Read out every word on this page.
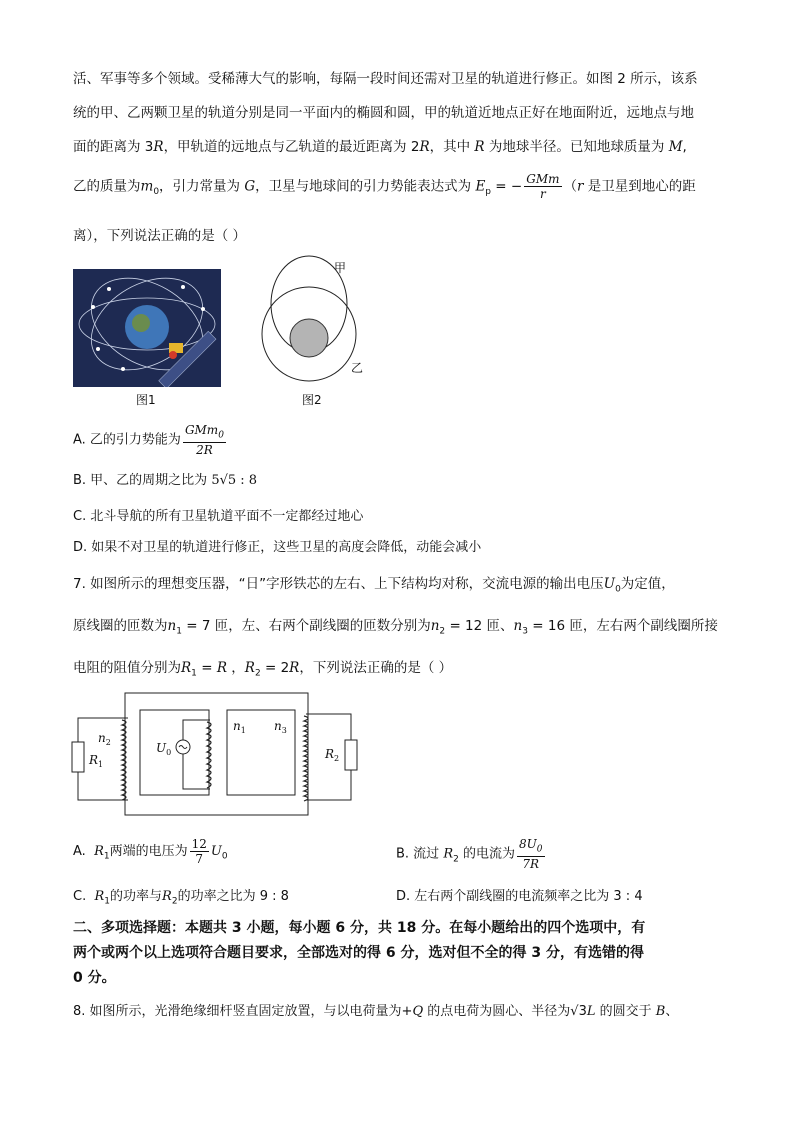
活、军事等多个领域。受稀薄大气的影响，每隔一段时间还需对卫星的轨道进行修正。如图 2 所示，该系
统的甲、乙两颗卫星的轨道分别是同一平面内的椭圆和圆，甲的轨道近地点正好在地面附近，远地点与地
面的距离为 3R，甲轨道的远地点与乙轨道的最近距离为 2R，其中 R 为地球半径。已知地球质量为 M,
乙的质量为$m_0$，引力常量为 G，卫星与地球间的引力势能表达式为 $E_p$ = − $\frac{\text{GMm}}{r} (r$ 是卫星到地心的距
离），下列说法正确的是（ ）
图1
甲
乙
图2
A. 乙的引力势能为 $\frac{GMm_0}{2R}$
B. 甲、乙的周期之比为 5√5 : 8
C. 北斗导航的所有卫星轨道平面不一定都经过地心
D. 如果不对卫星的轨道进行修正，这些卫星的高度会降低，动能会减小
7. 如图所示的理想变压器，“日”字形铁芯的左右、上下结构均对称，交流电源的输出电压$U_0$为定值，
原线圈的匝数为$n_1 = 7$ 匝，左、右两个副线圈的匝数分别为$n_2 = 12$ 匝、$n_3 = 16$ 匝，左右两个副线圈所接
电阻的阻值分别为$R_1 = R$ ，$R_2 = 2R$，下列说法正确的是（ ）
$n_2$
$R_1$
$U_0$
$n_1$ $n_3$
$R_2$
A. $R_1$两端的电压为 $\frac{12}{7} U_0$	B. 流过 $R_2$ 的电流为 $\frac{8U_0}{7R}$
C. $R_1$的功率与$R_2$的功率之比为 9 : 8	D. 左右两个副线圈的电流频率之比为 3 : 4
二、多项选择题：本题共 3 小题，每小题 6 分，共 18 分。在每小题给出的四个选项中，有
两个或两个以上选项符合题目要求，全部选对的得 6 分，选对但不全的得 3 分，有选错的得
0 分。
8. 如图所示，光滑绝缘细杆竖直固定放置，与以电荷量为+Q 的点电荷为圆心、半径为√3L 的圆交于 B、
